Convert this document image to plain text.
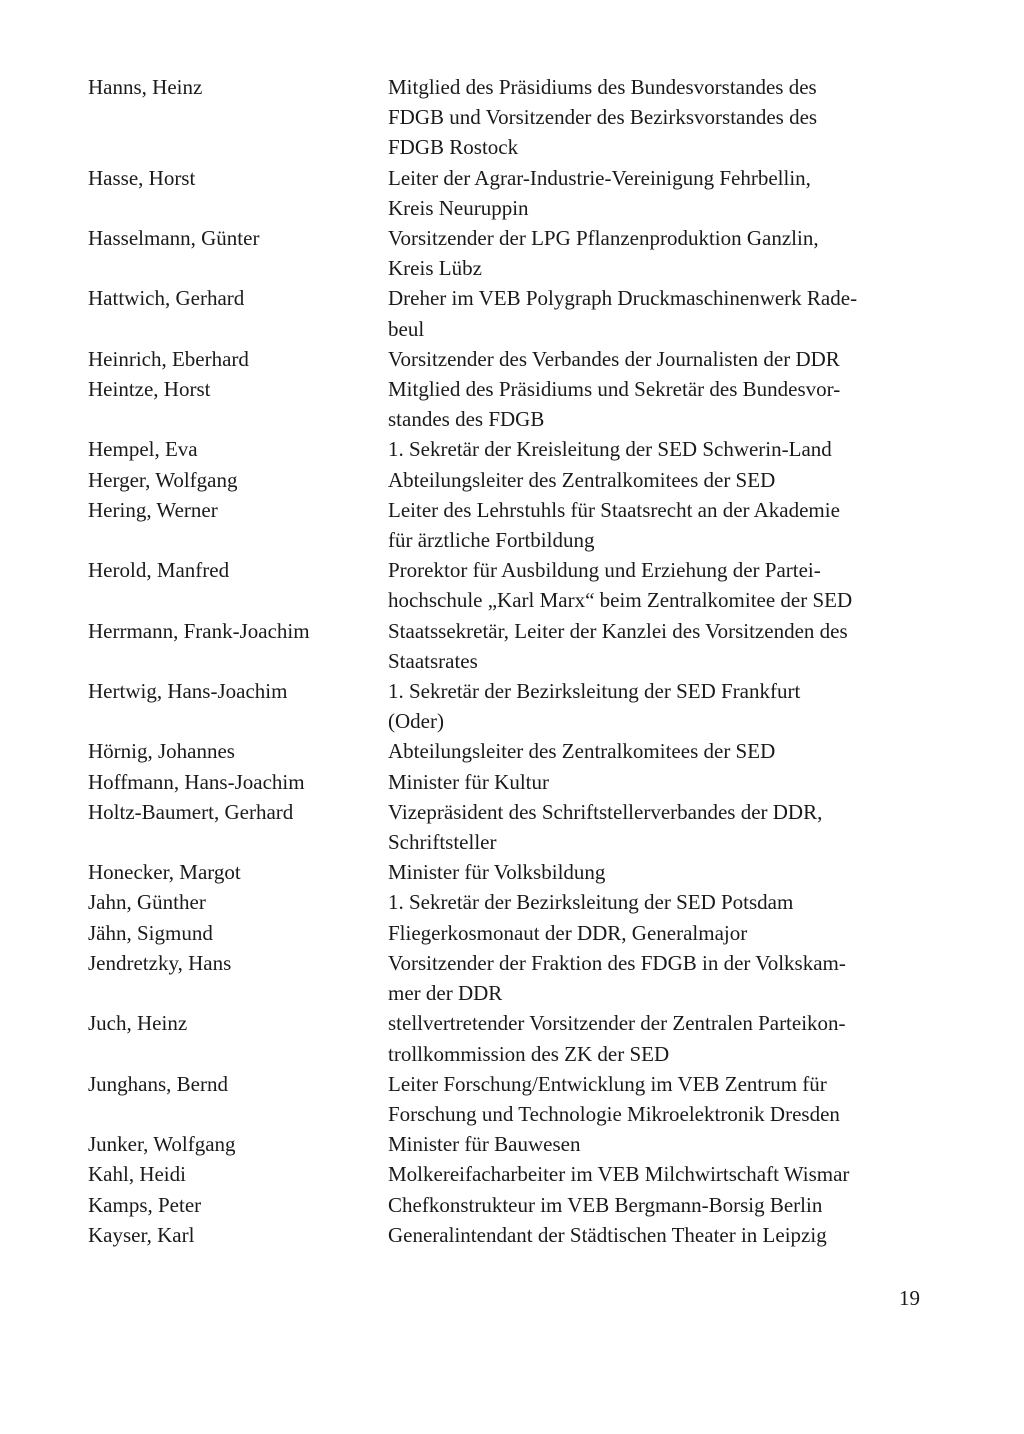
Hanns, Heinz	Mitglied des Präsidiums des Bundesvorstandes des
FDGB und Vorsitzender des Bezirksvorstandes des
FDGB Rostock
Hasse, Horst	Leiter der Agrar-Industrie-Vereinigung Fehrbellin,
Kreis Neuruppin
Hasselmann, Günter	Vorsitzender der LPG Pflanzenproduktion Ganzlin,
Kreis Lübz
Hattwich, Gerhard	Dreher im VEB Polygraph Druckmaschinenwerk Rade-
beul
Heinrich, Eberhard	Vorsitzender des Verbandes der Journalisten der DDR
Heintze, Horst	Mitglied des Präsidiums und Sekretär des Bundesvor-
standes des FDGB
Hempel, Eva	1. Sekretär der Kreisleitung der SED Schwerin-Land
Herger, Wolfgang	Abteilungsleiter des Zentralkomitees der SED
Hering, Werner	Leiter des Lehrstuhls für Staatsrecht an der Akademie
für ärztliche Fortbildung
Herold, Manfred	Prorektor für Ausbildung und Erziehung der Partei-
hochschule „Karl Marx“ beim Zentralkomitee der SED
Herrmann, Frank-Joachim	Staatssekretär, Leiter der Kanzlei des Vorsitzenden des
Staatsrates
Hertwig, Hans-Joachim	1. Sekretär der Bezirksleitung der SED Frankfurt
(Oder)
Hörnig, Johannes	Abteilungsleiter des Zentralkomitees der SED
Hoffmann, Hans-Joachim	Minister für Kultur
Holtz-Baumert, Gerhard	Vizepräsident des Schriftstellerverbandes der DDR,
Schriftsteller
Honecker, Margot	Minister für Volksbildung
Jahn, Günther	1. Sekretär der Bezirksleitung der SED Potsdam
Jähn, Sigmund	Fliegerkosmonaut der DDR, Generalmajor
Jendretzky, Hans	Vorsitzender der Fraktion des FDGB in der Volkskam-
mer der DDR
Juch, Heinz	stellvertretender Vorsitzender der Zentralen Parteikon-
trollkommission des ZK der SED
Junghans, Bernd	Leiter Forschung/Entwicklung im VEB Zentrum für
Forschung und Technologie Mikroelektronik Dresden
Junker, Wolfgang	Minister für Bauwesen
Kahl, Heidi	Molkereifacharbeiter im VEB Milchwirtschaft Wismar
Kamps, Peter	Chefkonstrukteur im VEB Bergmann-Borsig Berlin
Kayser, Karl	Generalintendant der Städtischen Theater in Leipzig
19
